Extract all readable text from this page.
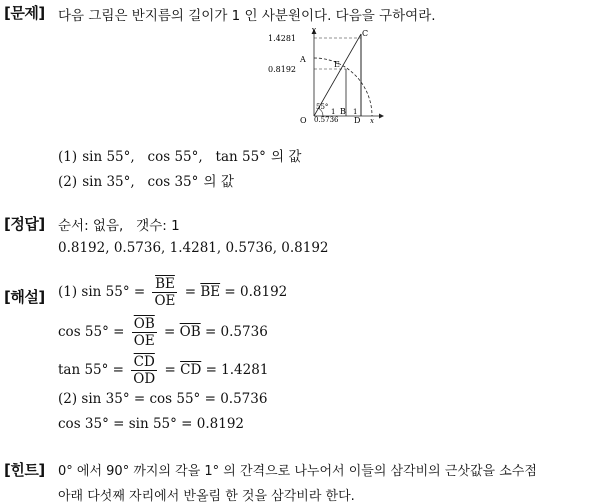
[문제] 다음 그림은 반지름의 길이가 1 인 사분원이다. 다음을 구하여라.
y
x
1.4281
0.8192
0.5736
A
B
C
D
E
O
55°
1	1
(1) sin 55°,   cos 55°,   tan 55° 의 값
(2) sin 35°,   cos 35° 의 값
[정답] 순서: 없음,   갯수: 1
0.8192, 0.5736, 1.4281, 0.5736, 0.8192
[해설] (1) $\sin 55^\circ = \frac{\overline{BE}}{OE} = \overline{BE} = 0.8192$
$\cos 55^\circ = \frac{\overline{OB}}{OE} = \overline{OB} = 0.5736$
$\tan 55^\circ = \frac{\overline{CD}}{OD} = \overline{CD} = 1.4281$
(2) sin 35° = cos 55° = 0.5736
cos 35° = sin 55° = 0.8192
[힌트] 0° 에서 90° 까지의 각을 1° 의 간격으로 나누어서 이들의 삼각비의 근삿값을 소수점
아래 다섯째 자리에서 반올림 한 것을 삼각비라 한다.
